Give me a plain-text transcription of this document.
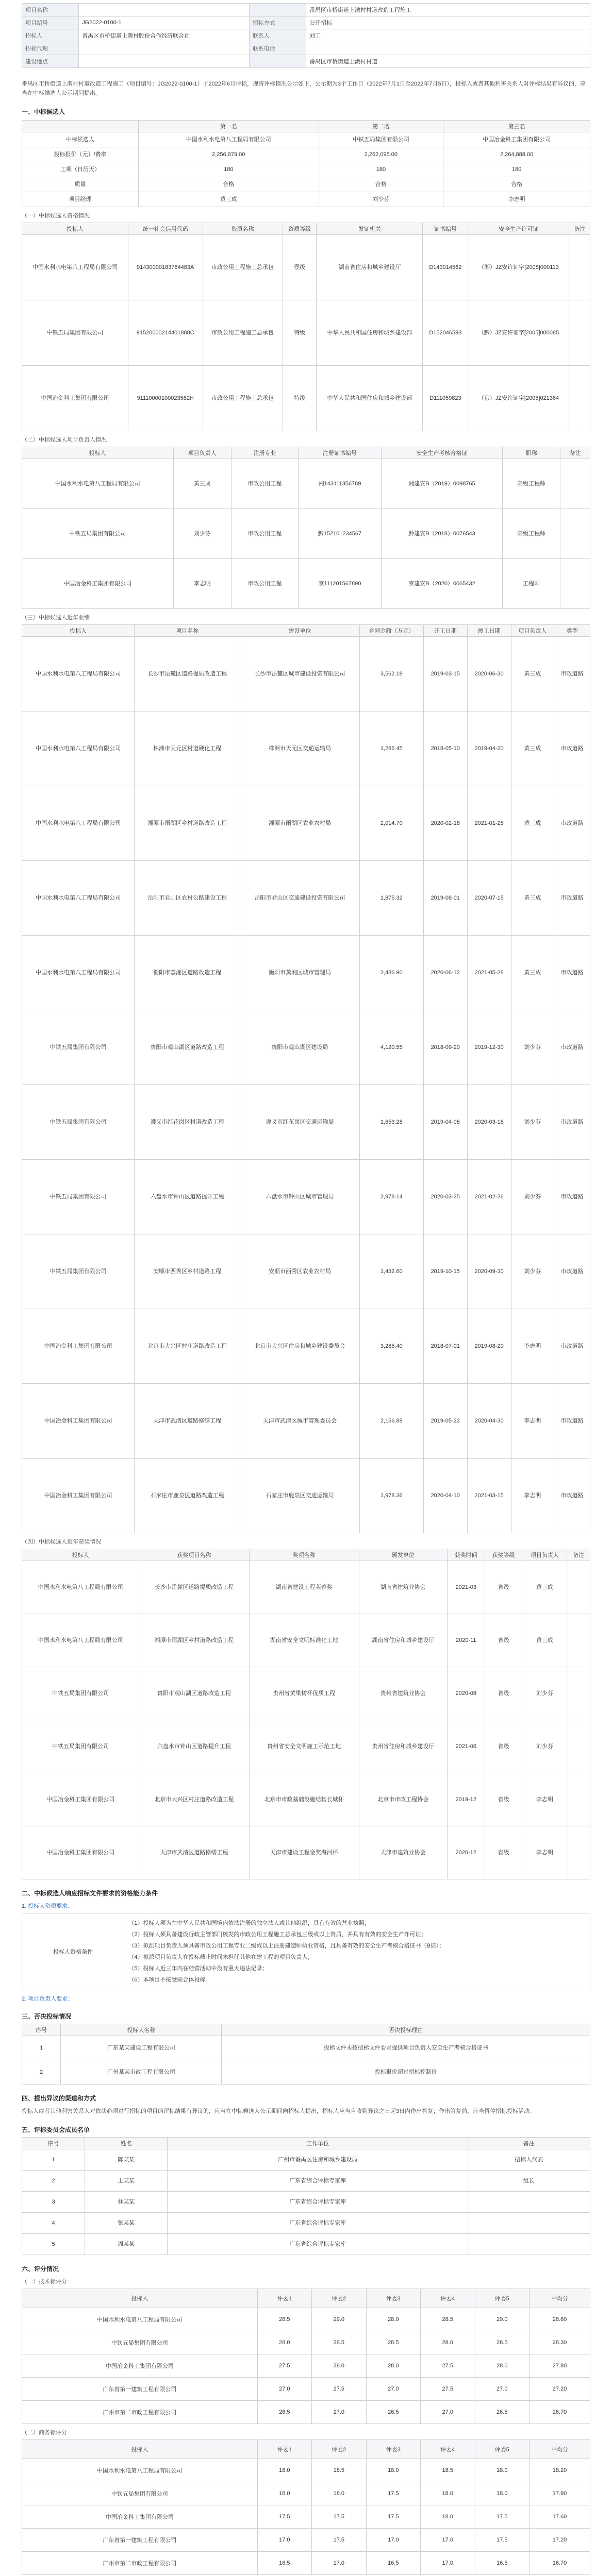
项目名称			番禺区市桥街道上漖村村道改造工程施工
项目编号	JG2022-0100-1	招标方式	公开招标
招标人	番禺区市桥街道上漖村股份合作经济联合社	联系人	刘工
招标代理		联系电话	
建设地点			番禺区市桥街道上漖村村道
番禺区市桥街道上漖村村道改造工程施工（项目编号：JG2022-0100-1）于2022年6月评标，现将评标情况公示如下，公示期为3个工作日（2022年7月1日至2022年7月5日），投标人或者其他利害关系人对评标结果有异议的，应当在中标候选人公示期间提出。
一、中标候选人
	第一名	第二名	第三名
中标候选人	中国水利水电第八工程局有限公司	中铁五局集团有限公司	中国冶金科工集团有限公司
投标报价（元）/费率	2,256,879.00	2,262,095.00	2,264,888.00
工期（日历天）	180	180	180
质量	合格	合格	合格
项目经理	黄三成	刘少芬	李志明
（一）中标候选人资格情况
投标人	统一社会信用代码	资质名称	资质等级	发证机关	证书编号	安全生产许可证	备注
中国水利水电第八工程局有限公司	91430000183764483A	市政公用工程施工总承包	壹级	湖南省住房和城乡建设厅	D143014562	（湘）JZ安许证字[2005]000113	
中铁五局集团有限公司	91520000214401888C	市政公用工程施工总承包	特级	中华人民共和国住房和城乡建设部	D152046593	（黔）JZ安许证字[2005]000085	
中国冶金科工集团有限公司	91110000100023582H	市政公用工程施工总承包	特级	中华人民共和国住房和城乡建设部	D111059823	（京）JZ安许证字[2005]021364	
（二）中标候选人项目负责人情况
投标人	项目负责人	注册专业	注册证书编号	安全生产考核合格证	职称	备注
中国水利水电第八工程局有限公司	黄三成	市政公用工程	湘143111356789	湘建安B（2019）0098765	高级工程师	
中铁五局集团有限公司	刘少芬	市政公用工程	黔152101234567	黔建安B（2018）0076543	高级工程师	
中国冶金科工集团有限公司	李志明	市政公用工程	京111201567890	京建安B（2020）0065432	工程师	
（三）中标候选人近年业绩
投标人	项目名称	建设单位	合同金额（万元）	开工日期	竣工日期	项目负责人	类型
中国水利水电第八工程局有限公司	长沙市岳麓区道路提质改造工程	长沙市岳麓区城市建设投资有限公司	3,562.18	2019-03-15	2020-06-30	黄三成	市政道路
中国水利水电第八工程局有限公司	株洲市天元区村道硬化工程	株洲市天元区交通运输局	1,286.45	2018-05-10	2019-04-20	黄三成	市政道路
中国水利水电第八工程局有限公司	湘潭市雨湖区乡村道路改造工程	湘潭市雨湖区农业农村局	2,014.70	2020-02-18	2021-01-25	黄三成	市政道路
中国水利水电第八工程局有限公司	岳阳市君山区农村公路建设工程	岳阳市君山区交通建设投资有限公司	1,875.32	2019-08-01	2020-07-15	黄三成	市政道路
中国水利水电第八工程局有限公司	衡阳市蒸湘区道路改造工程	衡阳市蒸湘区城市管理局	2,436.90	2020-06-12	2021-05-28	黄三成	市政道路
中铁五局集团有限公司	贵阳市观山湖区道路改造工程	贵阳市观山湖区建设局	4,120.55	2018-09-20	2019-12-30	刘少芬	市政道路
中铁五局集团有限公司	遵义市红花岗区村道改造工程	遵义市红花岗区交通运输局	1,653.28	2019-04-08	2020-03-18	刘少芬	市政道路
中铁五局集团有限公司	六盘水市钟山区道路提升工程	六盘水市钟山区城市管理局	2,978.14	2020-03-25	2021-02-26	刘少芬	市政道路
中铁五局集团有限公司	安顺市西秀区乡村道路工程	安顺市西秀区农业农村局	1,432.60	2019-10-15	2020-09-30	刘少芬	市政道路
中国冶金科工集团有限公司	北京市大兴区村庄道路改造工程	北京市大兴区住房和城乡建设委员会	3,285.40	2018-07-01	2019-08-20	李志明	市政道路
中国冶金科工集团有限公司	天津市武清区道路修缮工程	天津市武清区城市管理委员会	2,156.88	2019-05-22	2020-04-30	李志明	市政道路
中国冶金科工集团有限公司	石家庄市鹿泉区道路改造工程	石家庄市鹿泉区交通运输局	1,978.36	2020-04-10	2021-03-15	李志明	市政道路
（四）中标候选人近年获奖情况
投标人	获奖项目名称	奖项名称	颁发单位	获奖时间	获奖等级	项目负责人	备注
中国水利水电第八工程局有限公司	长沙市岳麓区道路提质改造工程	湖南省建设工程芙蓉奖	湖南省建筑业协会	2021-03	省级	黄三成	
中国水利水电第八工程局有限公司	湘潭市雨湖区乡村道路改造工程	湖南省安全文明标准化工地	湖南省住房和城乡建设厅	2020-11	省级	黄三成	
中铁五局集团有限公司	贵阳市观山湖区道路改造工程	贵州省黄果树杯优质工程	贵州省建筑业协会	2020-08	省级	刘少芬	
中铁五局集团有限公司	六盘水市钟山区道路提升工程	贵州省安全文明施工示范工地	贵州省住房和城乡建设厅	2021-06	省级	刘少芬	
中国冶金科工集团有限公司	北京市大兴区村庄道路改造工程	北京市市政基础设施结构长城杯	北京市市政工程协会	2019-12	省级	李志明	
中国冶金科工集团有限公司	天津市武清区道路修缮工程	天津市建设工程金奖海河杯	天津市建筑业协会	2020-12	省级	李志明	
二、中标候选人响应招标文件要求的资格能力条件
1. 投标人资质要求：
投标人资格条件	
（1）投标人须为在中华人民共和国境内依法注册的独立法人或其他组织，具有有效的营业执照；
（2）投标人须具备建设行政主管部门核发的市政公用工程施工总承包三级或以上资质，并具有有效的安全生产许可证；
（3）拟派项目负责人须具备市政公用工程专业二级或以上注册建造师执业资格，且具备有效的安全生产考核合格证书（B证）；
（4）拟派项目负责人在投标截止时间未担任其他在建工程的项目负责人；
（5）投标人近三年内在经营活动中没有重大违法记录；
（6）本项目不接受联合体投标。
2. 项目负责人要求：
三、否决投标情况
序号	投标人名称	否决投标理由
1	广东某某建设工程有限公司	投标文件未按招标文件要求提供项目负责人安全生产考核合格证书
2	广州某某市政工程有限公司	投标报价超过招标控制价
四、提出异议的渠道和方式
投标人或者其他利害关系人对依法必须进行招标的项目的评标结果有异议的，应当在中标候选人公示期间向招标人提出，招标人应当自收到异议之日起3日内作出答复；作出答复前，应当暂停招标投标活动。
五、评标委员会成员名单
序号	姓名	工作单位	备注
1	陈某某	广州市番禺区住房和城乡建设局	招标人代表
2	王某某	广东省综合评标专家库	组长
3	林某某	广东省综合评标专家库	
4	张某某	广东省综合评标专家库	
5	周某某	广东省综合评标专家库	
六、评分情况
（一）技术标评分
投标人	评委1	评委2	评委3	评委4	评委5	平均分
中国水利水电第八工程局有限公司	28.5	29.0	28.0	28.5	29.0	28.60
中铁五局集团有限公司	28.0	28.5	28.5	28.0	28.5	28.30
中国冶金科工集团有限公司	27.5	28.0	28.0	27.5	28.0	27.80
广东省第一建筑工程有限公司	27.0	27.5	27.0	27.5	27.0	27.20
广州市第二市政工程有限公司	26.5	27.0	26.5	27.0	26.5	26.70
（二）商务标评分
投标人	评委1	评委2	评委3	评委4	评委5	平均分
中国水利水电第八工程局有限公司	18.0	18.5	18.0	18.5	18.0	18.20
中铁五局集团有限公司	18.0	18.0	17.5	18.0	18.0	17.90
中国冶金科工集团有限公司	17.5	17.5	17.5	18.0	17.5	17.60
广东省第一建筑工程有限公司	17.0	17.5	17.0	17.0	17.5	17.20
广州市第二市政工程有限公司	16.5	17.0	16.5	17.0	16.5	16.70
